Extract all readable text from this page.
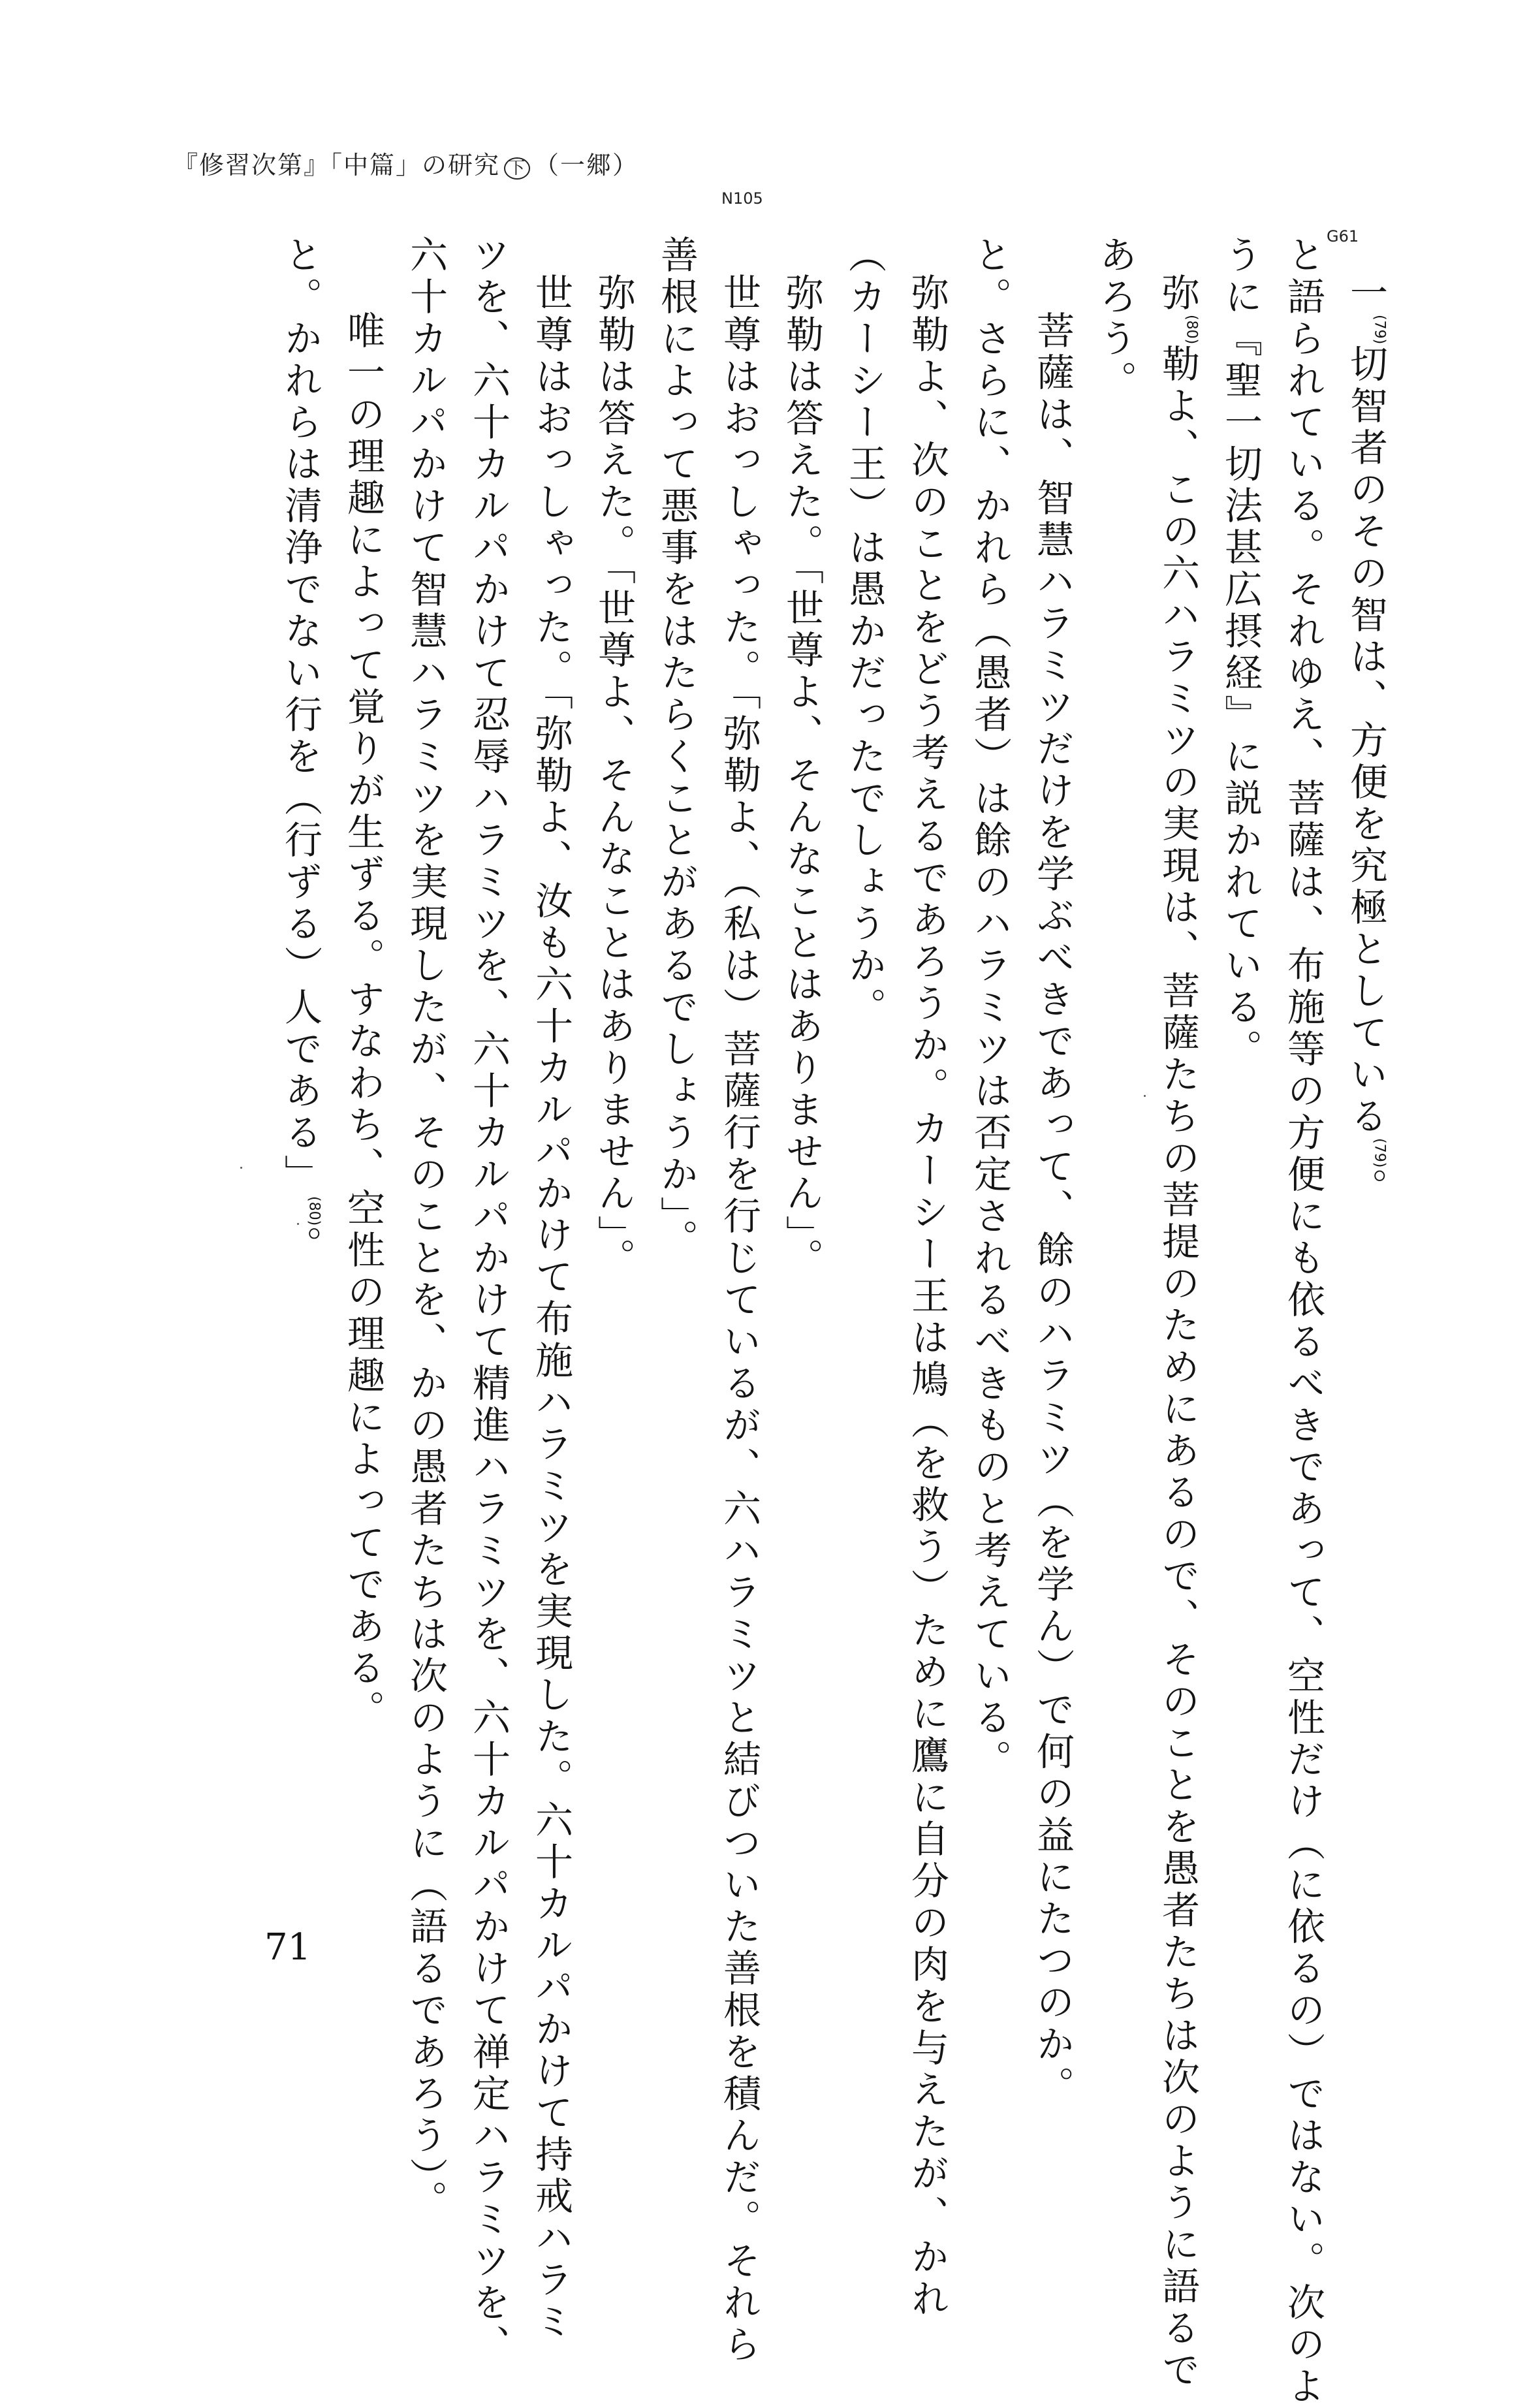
『修習次第』「中篇」の研究 下 （一郷）
N105
G61
一$^{(79)}$切智者のその智は、方便を究極としている$^{(79)}$。
と語られている。それゆえ、菩薩は、布施等の方便にも依るべきであって、空性だけ（に依るの）ではない。次のよ
うに『聖一切法甚広摂経』に説かれている。
弥$^{(80)}$勒よ、この六ハラミツの実現は、菩薩たちの菩提のためにあるので、そのことを愚者たちは次のように語るで
あろう。
菩薩は、智慧ハラミツだけを学ぶべきであって、餘のハラミツ（を学ん）で何の益にたつのか。
と。さらに、かれら（愚者）は餘のハラミツは否定されるべきものと考えている。
弥勒よ、次のことをどう考えるであろうか。カーシー王は鳩（を救う）ために鷹に自分の肉を与えたが、かれ
（カーシー王）は愚かだったでしょうか。
弥勒は答えた。「世尊よ、そんなことはありません」。
世尊はおっしゃった。「弥勒よ、（私は）菩薩行を行じているが、六ハラミツと結びついた善根を積んだ。それら
善根によって悪事をはたらくことがあるでしょうか」。
弥勒は答えた。「世尊よ、そんなことはありません」。
世尊はおっしゃった。「弥勒よ、汝も六十カルパかけて布施ハラミツを実現した。六十カルパかけて持戒ハラミ
ツを、六十カルパかけて忍辱ハラミツを、六十カルパかけて精進ハラミツを、六十カルパかけて禅定ハラミツを、
六十カルパかけて智慧ハラミツを実現したが、そのことを、かの愚者たちは次のように（語るであろう）。
唯一の理趣によって覚りが生ずる。すなわち、空性の理趣によってである。
と。かれらは清浄でない行を（行ずる）人である」$^{(80)}$。
71
